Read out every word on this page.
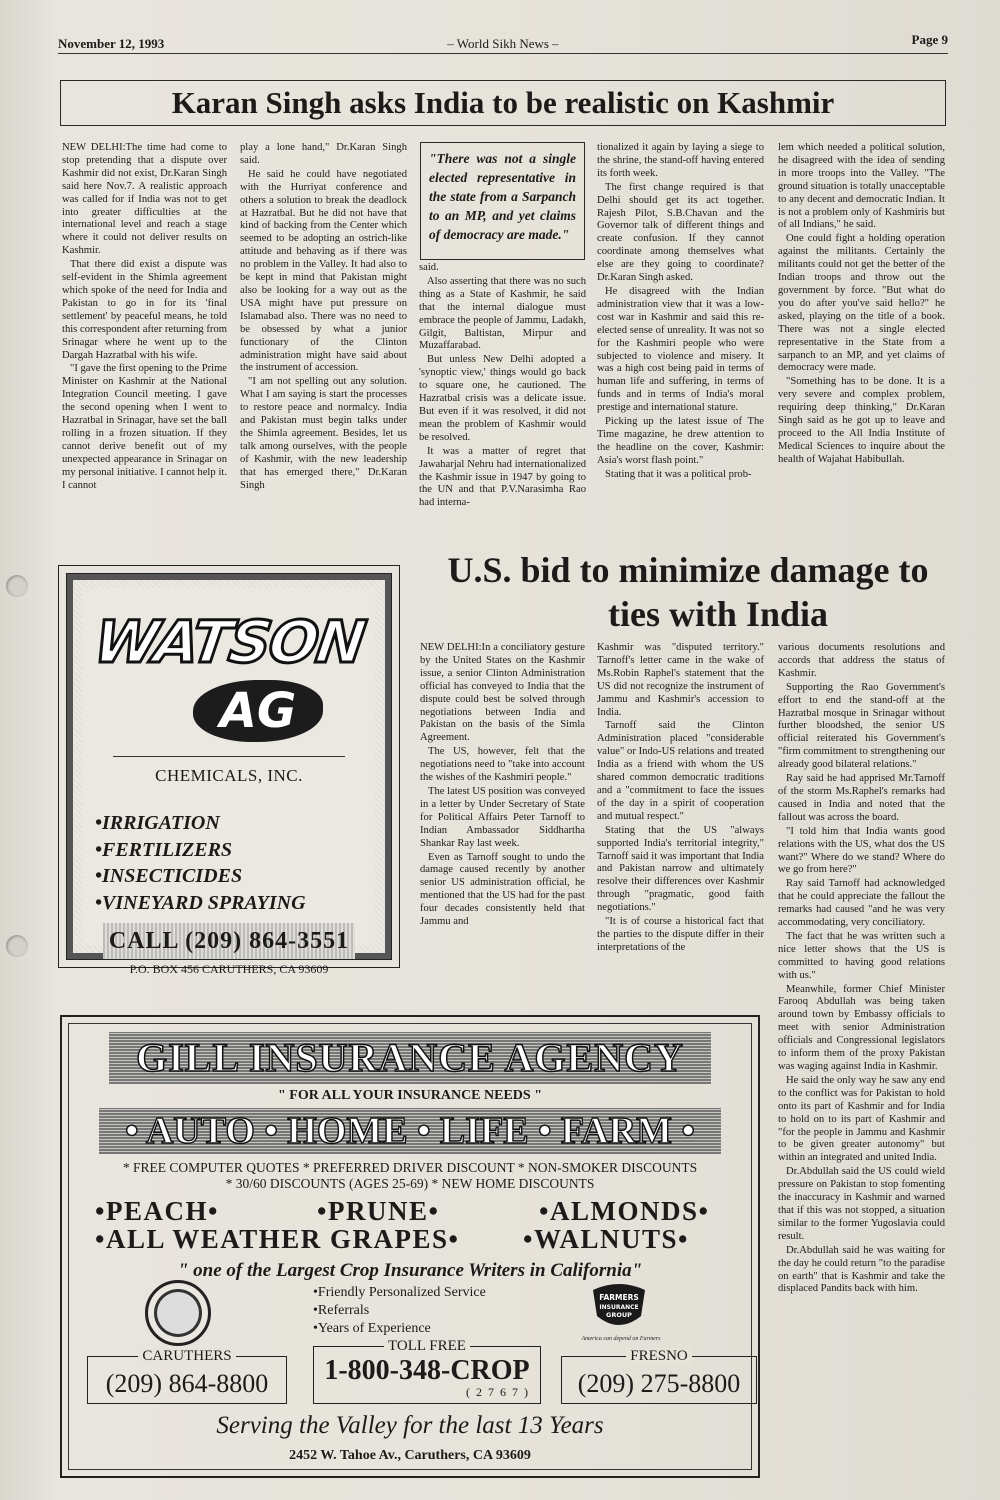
November 12, 1993	– World Sikh News –	Page 9
Karan Singh asks India to be realistic on Kashmir

NEW DELHI:The time had come to stop pretending that a dispute over Kashmir did not exist, Dr.Karan Singh said here Nov.7. A realistic approach was called for if India was not to get into greater difficulties at the international level and reach a stage where it could not deliver results on Kashmir.

That there did exist a dispute was self-evident in the Shimla agreement which spoke of the need for India and Pakistan to go in for its 'final settlement' by peaceful means, he told this correspondent after returning from Srinagar where he went up to the Dargah Hazratbal with his wife.

"I gave the first opening to the Prime Minister on Kashmir at the National Integration Council meeting. I gave the second opening when I went to Hazratbal in Srinagar, have set the ball rolling in a frozen situation. If they cannot derive benefit out of my unexpected appearance in Srinagar on my personal initiative. I cannot help it. I cannot

play a lone hand," Dr.Karan Singh said.

He said he could have negotiated with the Hurriyat conference and others a solution to break the deadlock at Hazratbal. But he did not have that kind of backing from the Center which seemed to be adopting an ostrich-like attitude and behaving as if there was no problem in the Valley. It had also to be kept in mind that Pakistan might also be looking for a way out as the USA might have put pressure on Islamabad also. There was no need to be obsessed by what a junior functionary of the Clinton administration might have said about the instrument of accession.

"I am not spelling out any solution. What I am saying is start the processes to restore peace and normalcy. India and Pakistan must begin talks under the Shimla agreement. Besides, let us talk among ourselves, with the people of Kashmir, with the new leadership that has emerged there," Dr.Karan Singh

"There was not a single elected representative in the state from a Sarpanch to an MP, and yet claims of democracy are made."

said.

Also asserting that there was no such thing as a State of Kashmir, he said that the internal dialogue must embrace the people of Jammu, Ladakh, Gilgit, Baltistan, Mirpur and Muzaffarabad.

But unless New Delhi adopted a 'synoptic view,' things would go back to square one, he cautioned. The Hazratbal crisis was a delicate issue. But even if it was resolved, it did not mean the problem of Kashmir would be resolved.

It was a matter of regret that Jawaharjal Nehru had internationalized the Kashmir issue in 1947 by going to the UN and that P.V.Narasimha Rao had interna-

tionalized it again by laying a siege to the shrine, the stand-off having entered its forth week.

The first change required is that Delhi should get its act together. Rajesh Pilot, S.B.Chavan and the Governor talk of different things and create confusion. If they cannot coordinate among themselves what else are they going to coordinate? Dr.Karan Singh asked.

He disagreed with the Indian administration view that it was a low-cost war in Kashmir and said this re-elected sense of unreality. It was not so for the Kashmiri people who were subjected to violence and misery. It was a high cost being paid in terms of human life and suffering, in terms of funds and in terms of India's moral prestige and international stature.

Picking up the latest issue of The Time magazine, he drew attention to the headline on the cover, Kashmir: Asia's worst flash point."

Stating that it was a political prob-

lem which needed a political solution, he disagreed with the idea of sending in more troops into the Valley. "The ground situation is totally unacceptable to any decent and democratic Indian. It is not a problem only of Kashmiris but of all Indians," he said.

One could fight a holding operation against the militants. Certainly the militants could not get the better of the Indian troops and throw out the government by force. "But what do you do after you've said hello?" he asked, playing on the title of a book. There was not a single elected representative in the State from a sarpanch to an MP, and yet claims of democracy were made.

"Something has to be done. It is a very severe and complex problem, requiring deep thinking," Dr.Karan Singh said as he got up to leave and proceed to the All India Institute of Medical Sciences to inquire about the health of Wajahat Habibullah.

U.S. bid to minimize damage to
ties with India

NEW DELHI:In a conciliatory gesture by the United States on the Kashmir issue, a senior Clinton Administration official has conveyed to India that the dispute could best be solved through negotiations between India and Pakistan on the basis of the Simla Agreement.

The US, however, felt that the negotiations need to "take into account the wishes of the Kashmiri people."

The latest US position was conveyed in a letter by Under Secretary of State for Political Affairs Peter Tarnoff to Indian Ambassador Siddhartha Shankar Ray last week.

Even as Tarnoff sought to undo the damage caused recently by another senior US administration official, he mentioned that the US had for the past four decades consistently held that Jammu and

Kashmir was "disputed territory." Tarnoff's letter came in the wake of Ms.Robin Raphel's statement that the US did not recognize the instrument of Jammu and Kashmir's accession to India.

Tarnoff said the Clinton Administration placed "considerable value" or Indo-US relations and treated India as a friend with whom the US shared common democratic traditions and a "commitment to face the issues of the day in a spirit of cooperation and mutual respect."

Stating that the US "always supported India's territorial integrity," Tarnoff said it was important that India and Pakistan narrow and ultimately resolve their differences over Kashmir through "pragmatic, good faith negotiations."

"It is of course a historical fact that the parties to the dispute differ in their interpretations of the

various documents resolutions and accords that address the status of Kashmir.

Supporting the Rao Government's effort to end the stand-off at the Hazratbal mosque in Srinagar without further bloodshed, the senior US official reiterated his Government's "firm commitment to strengthening our already good bilateral relations."

Ray said he had apprised Mr.Tarnoff of the storm Ms.Raphel's remarks had caused in India and noted that the fallout was across the board.

"I told him that India wants good relations with the US, what dos the US want?" Where do we stand? Where do we go from here?"

Ray said Tarnoff had acknowledged that he could appreciate the fallout the remarks had caused "and he was very accommodating, very conciliatory.

The fact that he was written such a nice letter shows that the US is committed to having good relations with us."

Meanwhile, former Chief Minister Farooq Abdullah was being taken around town by Embassy officials to meet with senior Administration officials and Congressional legislators to inform them of the proxy Pakistan was waging against India in Kashmir.

He said the only way he saw any end to the conflict was for Pakistan to hold onto its part of Kashmir and for India to hold on to its part of Kashmir and "for the people in Jammu and Kashmir to be given greater autonomy" but within an integrated and united India.

Dr.Abdullah said the US could wield pressure on Pakistan to stop fomenting the inaccuracy in Kashmir and warned that if this was not stopped, a situation similar to the former Yugoslavia could result.

Dr.Abdullah said he was waiting for the day he could return "to the paradise on earth" that is Kashmir and take the displaced Pandits back with him.

WATSON
AG
CHEMICALS, INC.
•IRRIGATION
•FERTILIZERS
•INSECTICIDES
•VINEYARD SPRAYING
CALL (209) 864-3551
P.O. BOX 456 CARUTHERS, CA 93609
GILL INSURANCE AGENCY
" FOR ALL YOUR INSURANCE NEEDS "
• AUTO • HOME • LIFE • FARM •
* FREE COMPUTER QUOTES * PREFERRED DRIVER DISCOUNT * NON-SMOKER DISCOUNTS
* 30/60 DISCOUNTS (AGES 25-69) * NEW HOME DISCOUNTS
•PEACH•	•PRUNE•	•ALMONDS•
•ALL WEATHER GRAPES• •WALNUTS•
" one of the Largest Crop Insurance Writers in California"
•Friendly Personalized Service
•Referrals
•Years of Experience
FARMERS
INSURANCE
GROUP
America can depend on Farmers
CARUTHERS
(209) 864-8800
TOLL FREE
1-800-348-CROP
(2767)
FRESNO
(209) 275-8800
Serving the Valley for the last 13 Years
2452 W. Tahoe Av., Caruthers, CA 93609
